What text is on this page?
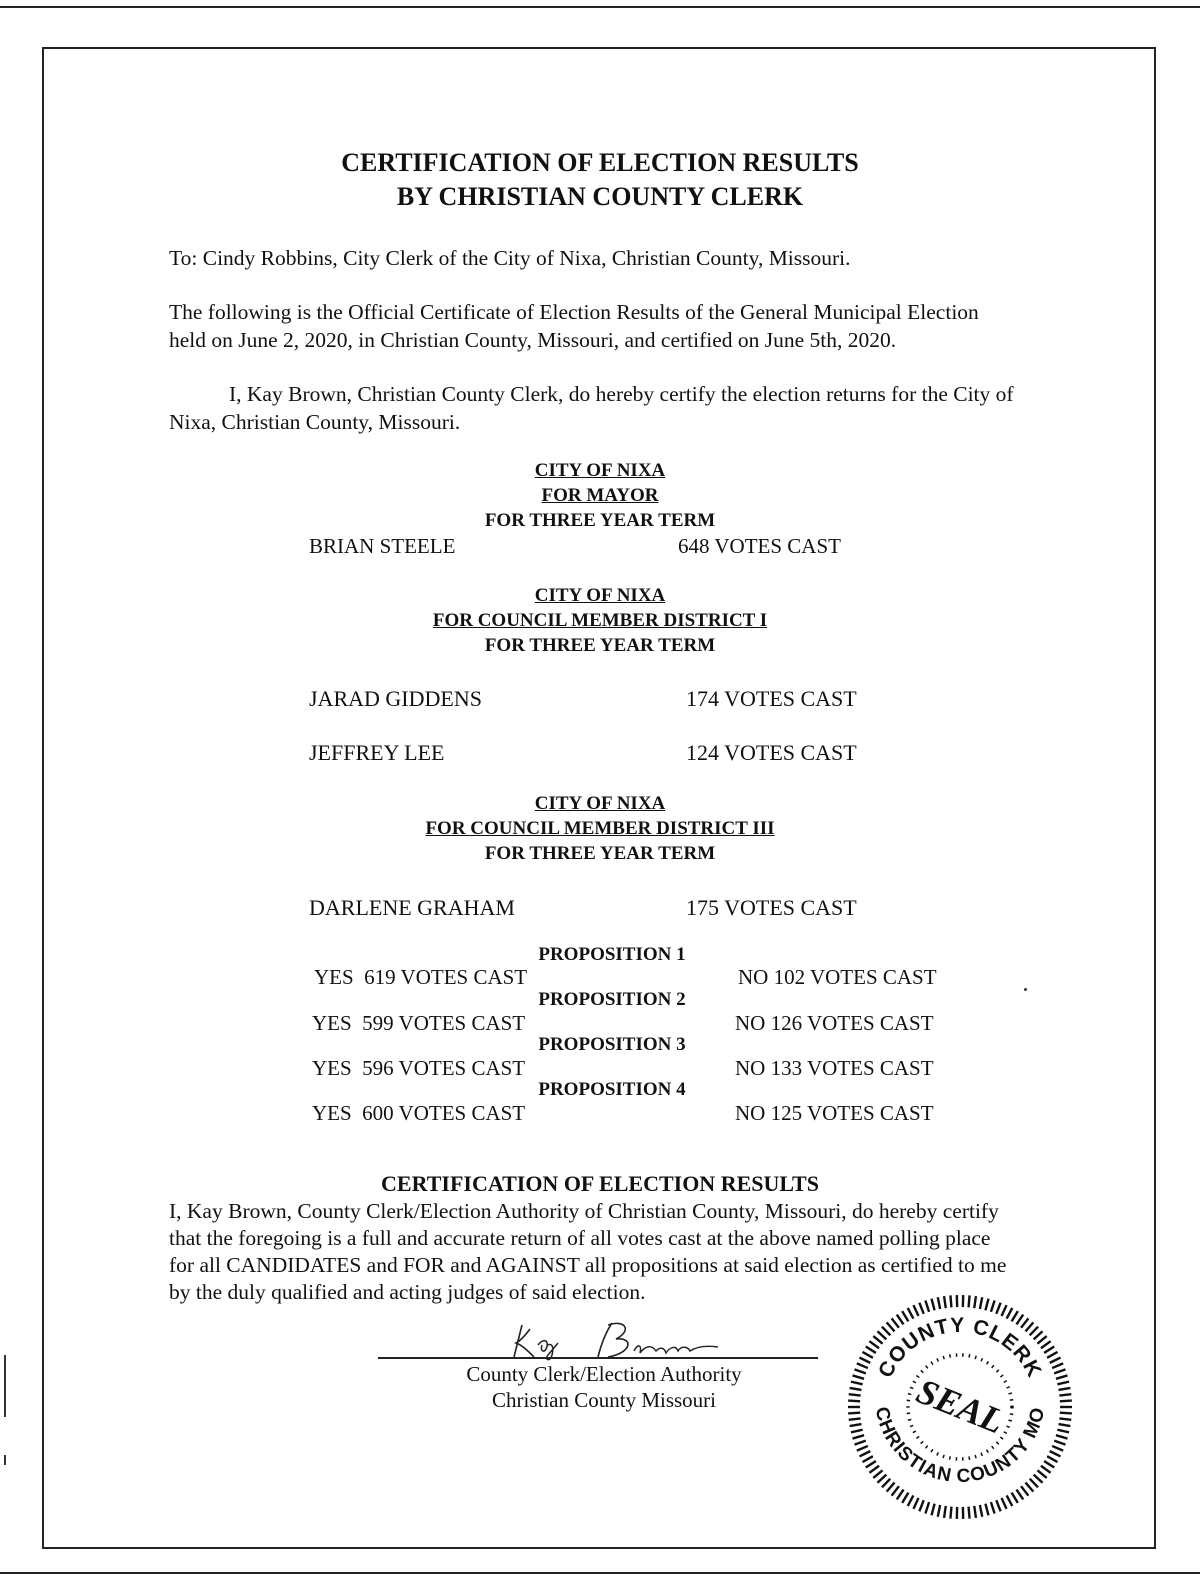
CERTIFICATION OF ELECTION RESULTS
BY CHRISTIAN COUNTY CLERK
To: Cindy Robbins, City Clerk of the City of Nixa, Christian County, Missouri.
The following is the Official Certificate of Election Results of the General Municipal Election held on June 2, 2020, in Christian County, Missouri, and certified on June 5th, 2020.
I, Kay Brown, Christian County Clerk, do hereby certify the election returns for the City of Nixa, Christian County, Missouri.
CITY OF NIXA
FOR MAYOR
FOR THREE YEAR TERM
BRIAN STEELE	648 VOTES CAST
CITY OF NIXA
FOR COUNCIL MEMBER DISTRICT I
FOR THREE YEAR TERM
JARAD GIDDENS	174 VOTES CAST
JEFFREY LEE	124 VOTES CAST
CITY OF NIXA
FOR COUNCIL MEMBER DISTRICT III
FOR THREE YEAR TERM
DARLENE GRAHAM	175 VOTES CAST
PROPOSITION 1
YES  619 VOTES CAST	NO 102 VOTES CAST
PROPOSITION 2
YES  599 VOTES CAST	NO 126 VOTES CAST
PROPOSITION 3
YES  596 VOTES CAST	NO 133 VOTES CAST
PROPOSITION 4
YES  600 VOTES CAST	NO 125 VOTES CAST
CERTIFICATION OF ELECTION RESULTS
I, Kay Brown, County Clerk/Election Authority of Christian County, Missouri, do hereby certify that the foregoing is a full and accurate return of all votes cast at the above named polling place for all CANDIDATES and FOR and AGAINST all propositions at said election as certified to me by the duly qualified and acting judges of said election.
County Clerk/Election Authority
Christian County Missouri
COUNTY CLERK
CHRISTIAN COUNTY MO
SEAL
